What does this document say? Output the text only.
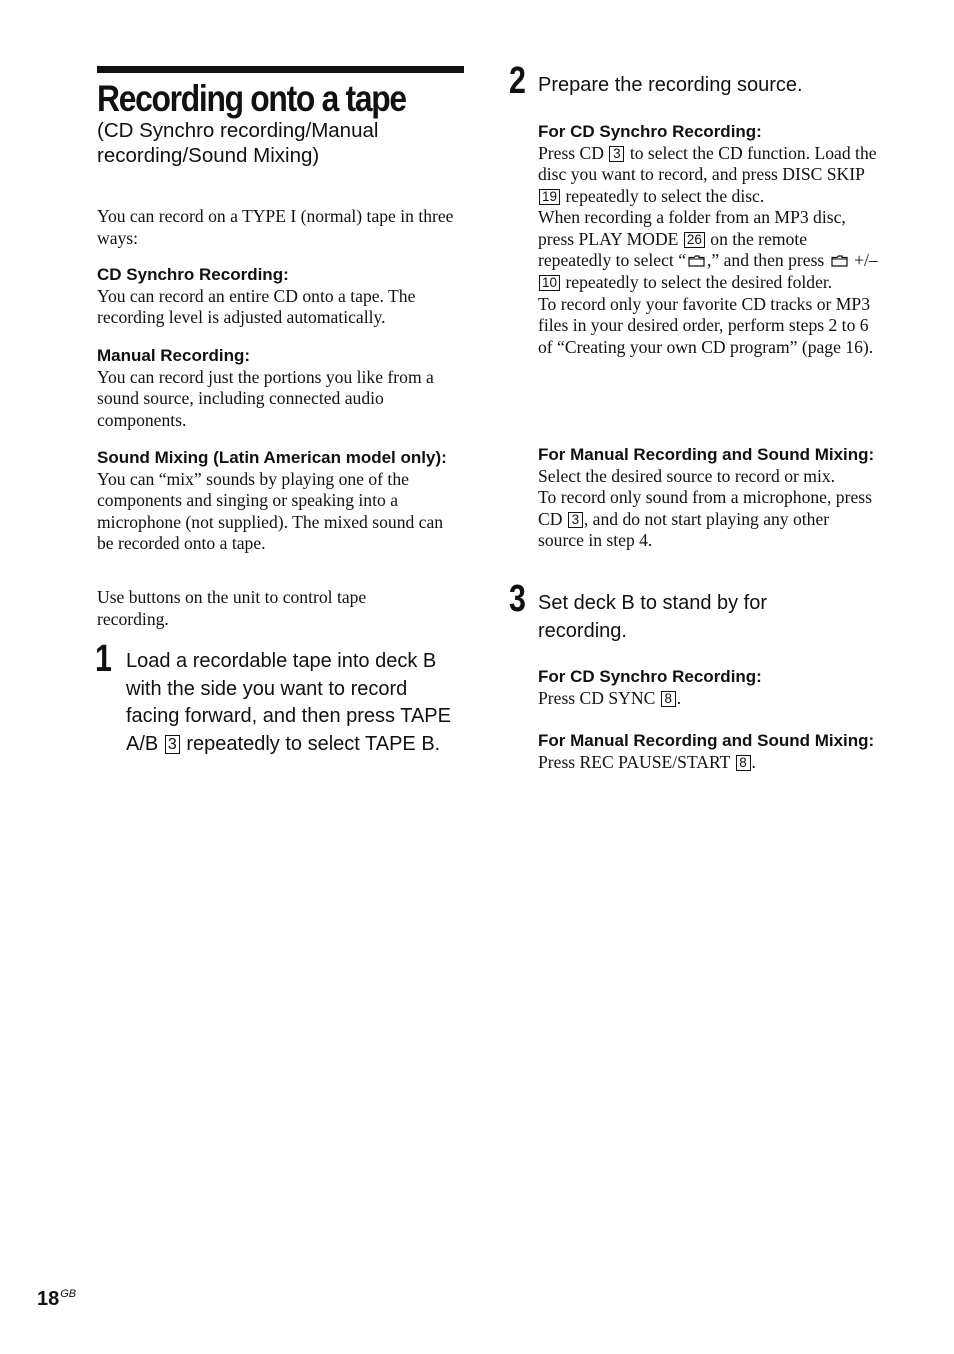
Recording onto a tape
(CD Synchro recording/Manual recording/Sound Mixing)
You can record on a TYPE I (normal) tape in three ways:
CD Synchro Recording:
You can record an entire CD onto a tape. The recording level is adjusted automatically.
Manual Recording:
You can record just the portions you like from a sound source, including connected audio components.
Sound Mixing (Latin American model only):
You can “mix” sounds by playing one of the components and singing or speaking into a microphone (not supplied). The mixed sound can be recorded onto a tape.
Use buttons on the unit to control tape recording.
1 Load a recordable tape into deck B with the side you want to record facing forward, and then press TAPE A/B 3 repeatedly to select TAPE B.
2 Prepare the recording source.
For CD Synchro Recording:
Press CD 3 to select the CD function. Load the disc you want to record, and press DISC SKIP 19 repeatedly to select the disc.
When recording a folder from an MP3 disc, press PLAY MODE 26 on the remote repeatedly to select “ ,” and then press +/– 10 repeatedly to select the desired folder.
To record only your favorite CD tracks or MP3 files in your desired order, perform steps 2 to 6 of “Creating your own CD program” (page 16).
For Manual Recording and Sound Mixing:
Select the desired source to record or mix.
To record only sound from a microphone, press CD 3 , and do not start playing any other source in step 4.
3 Set deck B to stand by for recording.
For CD Synchro Recording:
Press CD SYNC 8 .
For Manual Recording and Sound Mixing:
Press REC PAUSE/START 8 .
$18^{GB}$
